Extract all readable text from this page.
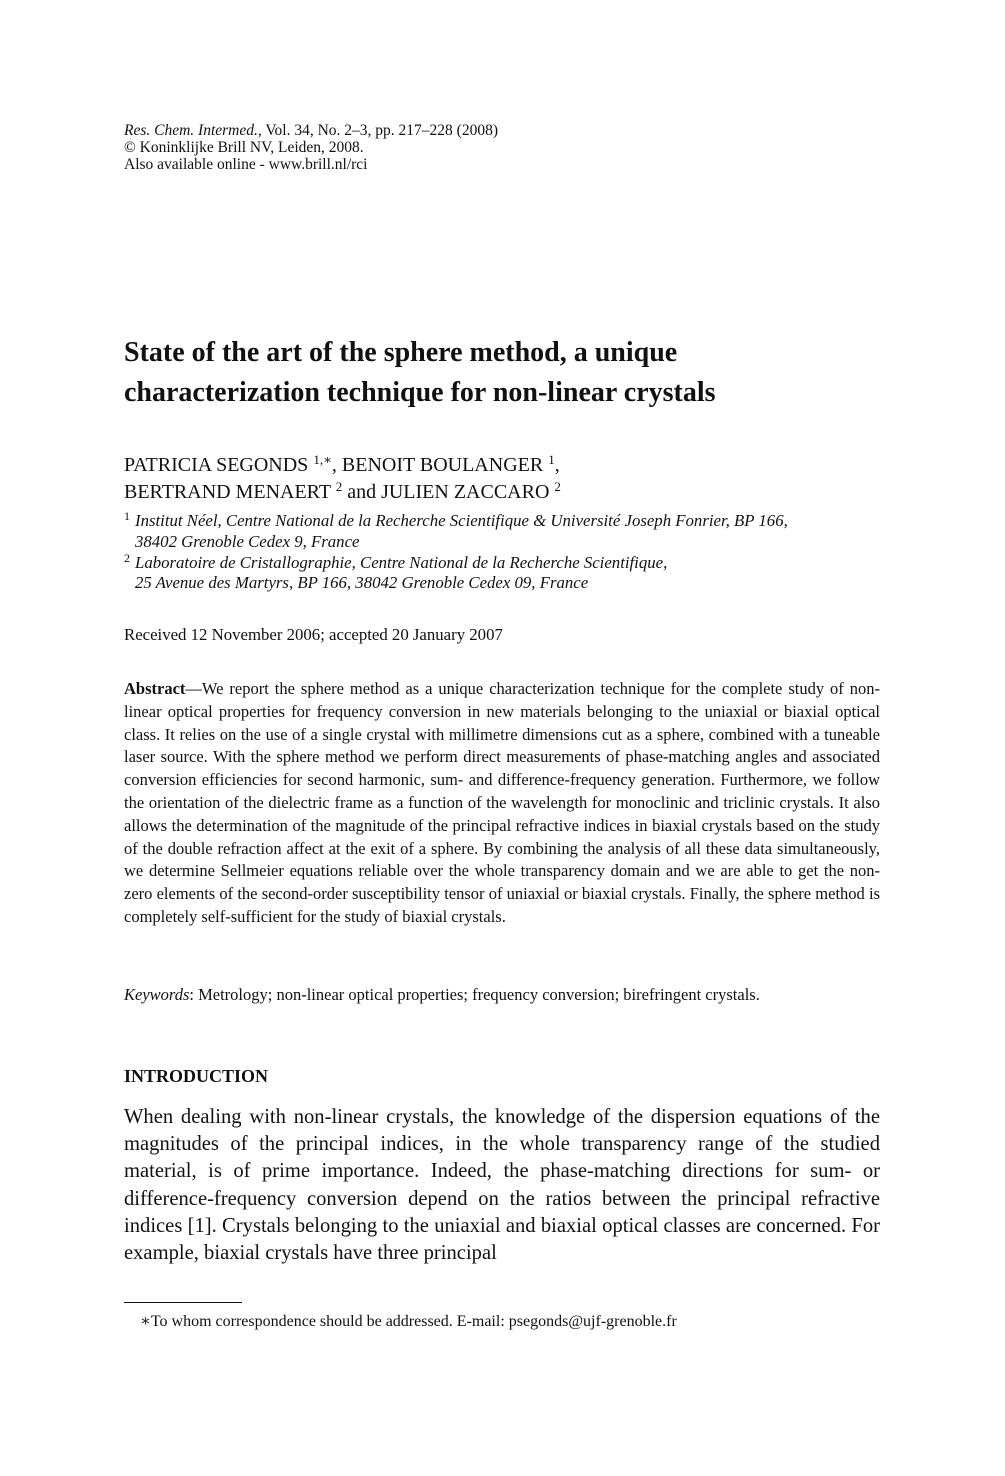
Res. Chem. Intermed., Vol. 34, No. 2–3, pp. 217–228 (2008)
© Koninklijke Brill NV, Leiden, 2008.
Also available online - www.brill.nl/rci
State of the art of the sphere method, a unique
characterization technique for non-linear crystals
PATRICIA SEGONDS $^{1,∗}$, BENOIT BOULANGER $^1$,
BERTRAND MENAERT $^2$ and JULIEN ZACCARO $^2$
1 Institut Néel, Centre National de la Recherche Scientifique & Université Joseph Fonrier, BP 166,
38402 Grenoble Cedex 9, France
2 Laboratoire de Cristallographie, Centre National de la Recherche Scientifique,
25 Avenue des Martyrs, BP 166, 38042 Grenoble Cedex 09, France
Received 12 November 2006; accepted 20 January 2007
Abstract—We report the sphere method as a unique characterization technique for the complete study of non-linear optical properties for frequency conversion in new materials belonging to the uniaxial or biaxial optical class. It relies on the use of a single crystal with millimetre dimensions cut as a sphere, combined with a tuneable laser source. With the sphere method we perform direct measurements of phase-matching angles and associated conversion efficiencies for second harmonic, sum- and difference-frequency generation. Furthermore, we follow the orientation of the dielectric frame as a function of the wavelength for monoclinic and triclinic crystals. It also allows the determination of the magnitude of the principal refractive indices in biaxial crystals based on the study of the double refraction affect at the exit of a sphere. By combining the analysis of all these data simultaneously, we determine Sellmeier equations reliable over the whole transparency domain and we are able to get the non-zero elements of the second-order susceptibility tensor of uniaxial or biaxial crystals. Finally, the sphere method is completely self-sufficient for the study of biaxial crystals.
Keywords: Metrology; non-linear optical properties; frequency conversion; birefringent crystals.
INTRODUCTION
When dealing with non-linear crystals, the knowledge of the dispersion equations of the magnitudes of the principal indices, in the whole transparency range of the studied material, is of prime importance. Indeed, the phase-matching directions for sum- or difference-frequency conversion depend on the ratios between the principal refractive indices [1]. Crystals belonging to the uniaxial and biaxial optical classes are concerned. For example, biaxial crystals have three principal
∗To whom correspondence should be addressed. E-mail: psegonds@ujf-grenoble.fr
